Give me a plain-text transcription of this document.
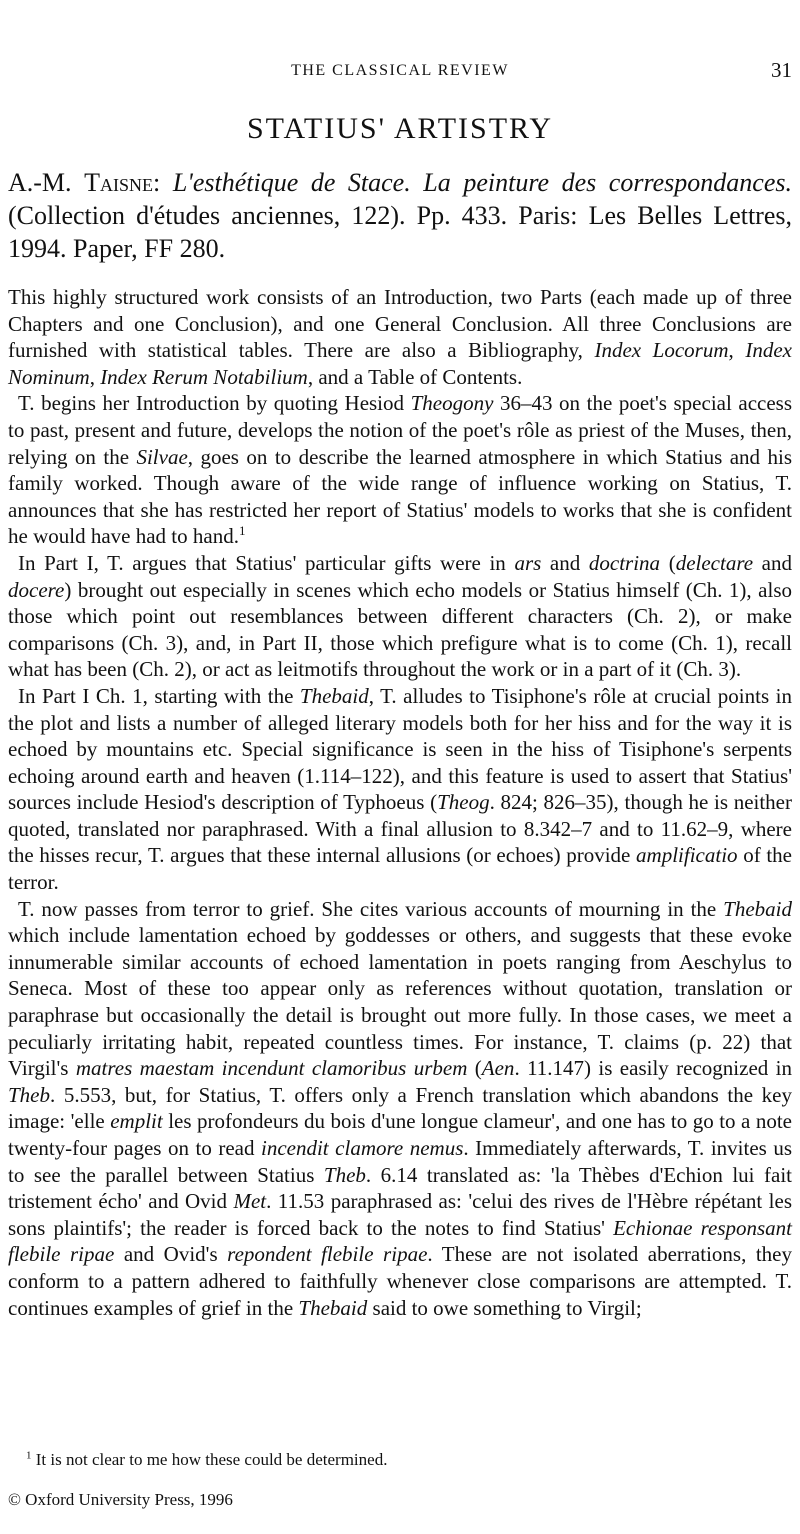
THE CLASSICAL REVIEW	31
STATIUS' ARTISTRY
A.-M. Taisne: L'esthétique de Stace. La peinture des correspondances. (Collection d'études anciennes, 122). Pp. 433. Paris: Les Belles Lettres, 1994. Paper, FF 280.

This highly structured work consists of an Introduction, two Parts (each made up of three Chapters and one Conclusion), and one General Conclusion. All three Conclusions are furnished with statistical tables. There are also a Bibliography, Index Locorum, Index Nominum, Index Rerum Notabilium, and a Table of Contents.

T. begins her Introduction by quoting Hesiod Theogony 36–43 on the poet's special access to past, present and future, develops the notion of the poet's rôle as priest of the Muses, then, relying on the Silvae, goes on to describe the learned atmosphere in which Statius and his family worked. Though aware of the wide range of influence working on Statius, T. announces that she has restricted her report of Statius' models to works that she is confident he would have had to hand.$^1$

In Part I, T. argues that Statius' particular gifts were in ars and doctrina (delectare and docere) brought out especially in scenes which echo models or Statius himself (Ch. 1), also those which point out resemblances between different characters (Ch. 2), or make comparisons (Ch. 3), and, in Part II, those which prefigure what is to come (Ch. 1), recall what has been (Ch. 2), or act as leitmotifs throughout the work or in a part of it (Ch. 3).

In Part I Ch. 1, starting with the Thebaid, T. alludes to Tisiphone's rôle at crucial points in the plot and lists a number of alleged literary models both for her hiss and for the way it is echoed by mountains etc. Special significance is seen in the hiss of Tisiphone's serpents echoing around earth and heaven (1.114–122), and this feature is used to assert that Statius' sources include Hesiod's description of Typhoeus (Theog. 824; 826–35), though he is neither quoted, translated nor paraphrased. With a final allusion to 8.342–7 and to 11.62–9, where the hisses recur, T. argues that these internal allusions (or echoes) provide amplificatio of the terror.

T. now passes from terror to grief. She cites various accounts of mourning in the Thebaid which include lamentation echoed by goddesses or others, and suggests that these evoke innumerable similar accounts of echoed lamentation in poets ranging from Aeschylus to Seneca. Most of these too appear only as references without quotation, translation or paraphrase but occasionally the detail is brought out more fully. In those cases, we meet a peculiarly irritating habit, repeated countless times. For instance, T. claims (p. 22) that Virgil's matres maestam incendunt clamoribus urbem (Aen. 11.147) is easily recognized in Theb. 5.553, but, for Statius, T. offers only a French translation which abandons the key image: 'elle emplit les profondeurs du bois d'une longue clameur', and one has to go to a note twenty-four pages on to read incendit clamore nemus. Immediately afterwards, T. invites us to see the parallel between Statius Theb. 6.14 translated as: 'la Thèbes d'Echion lui fait tristement écho' and Ovid Met. 11.53 paraphrased as: 'celui des rives de l'Hèbre répétant les sons plaintifs'; the reader is forced back to the notes to find Statius' Echionae responsant flebile ripae and Ovid's repondent flebile ripae. These are not isolated aberrations, they conform to a pattern adhered to faithfully whenever close comparisons are attempted. T. continues examples of grief in the Thebaid said to owe something to Virgil;

$^1$ It is not clear to me how these could be determined.
© Oxford University Press, 1996
